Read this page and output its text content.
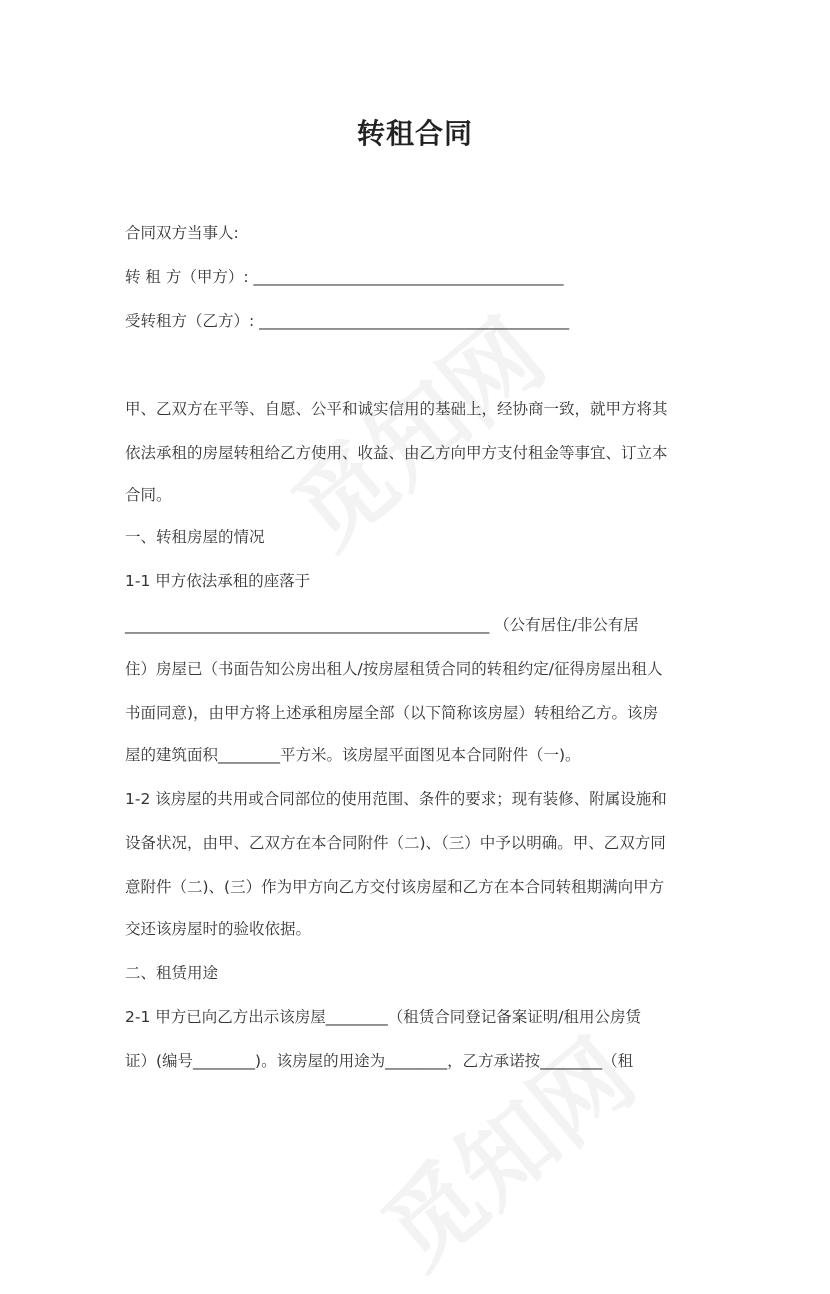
转租合同
合同双方当事人:
转 租 方（甲方）: ________________________________________
受转租方（乙方）: ________________________________________
甲、乙双方在平等、自愿、公平和诚实信用的基础上，经协商一致，就甲方将其
依法承租的房屋转租给乙方使用、收益、由乙方向甲方支付租金等事宜、订立本
合同。
一、转租房屋的情况
1-1 甲方依法承租的座落于
_______________________________________________ （公有居住/非公有居
住）房屋已（书面告知公房出租人/按房屋租赁合同的转租约定/征得房屋出租人
书面同意)，由甲方将上述承租房屋全部（以下简称该房屋）转租给乙方。该房
屋的建筑面积________平方米。该房屋平面图见本合同附件（一)。
1-2 该房屋的共用或合同部位的使用范围、条件的要求；现有装修、附属设施和
设备状况，由甲、乙双方在本合同附件（二)、（三）中予以明确。甲、乙双方同
意附件（二)、(三）作为甲方向乙方交付该房屋和乙方在本合同转租期满向甲方
交还该房屋时的验收依据。
二、租赁用途
2-1 甲方已向乙方出示该房屋________（租赁合同登记备案证明/租用公房赁
证）(编号________)。该房屋的用途为________，乙方承诺按________（租
